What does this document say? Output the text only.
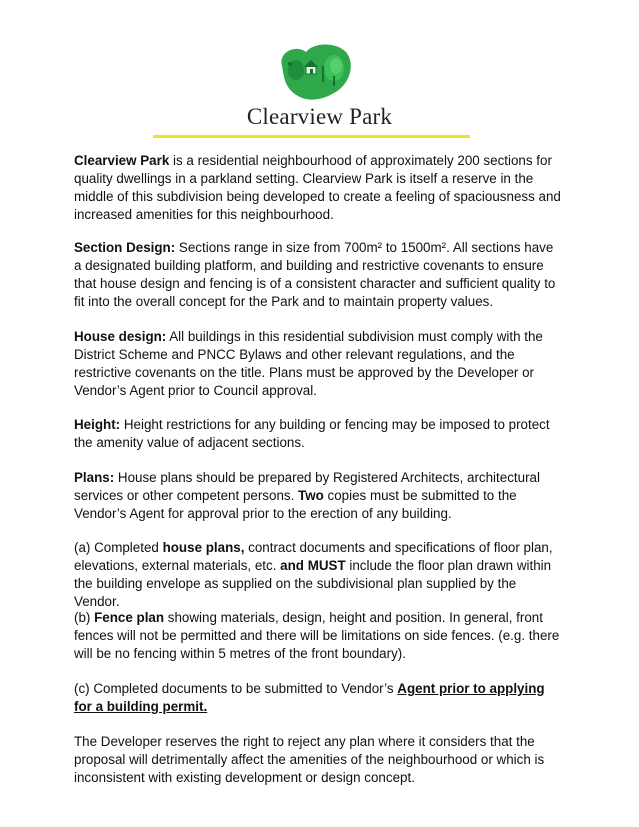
Clearview Park

Clearview Park is a residential neighbourhood of approximately 200 sections for quality dwellings in a parkland setting. Clearview Park is itself a reserve in the middle of this subdivision being developed to create a feeling of spaciousness and increased amenities for this neighbourhood.

Section Design: Sections range in size from 700m² to 1500m². All sections have a designated building platform, and building and restrictive covenants to ensure that house design and fencing is of a consistent character and sufficient quality to fit into the overall concept for the Park and to maintain property values.

House design: All buildings in this residential subdivision must comply with the District Scheme and PNCC Bylaws and other relevant regulations, and the restrictive covenants on the title. Plans must be approved by the Developer or Vendor’s Agent prior to Council approval.

Height: Height restrictions for any building or fencing may be imposed to protect the amenity value of adjacent sections.

Plans: House plans should be prepared by Registered Architects, architectural services or other competent persons. Two copies must be submitted to the Vendor’s Agent for approval prior to the erection of any building.

(a) Completed house plans, contract documents and specifications of floor plan, elevations, external materials, etc. and MUST include the floor plan drawn within the building envelope as supplied on the subdivisional plan supplied by the Vendor.

(b) Fence plan showing materials, design, height and position. In general, front fences will not be permitted and there will be limitations on side fences. (e.g. there will be no fencing within 5 metres of the front boundary).

(c) Completed documents to be submitted to Vendor’s Agent prior to applying for a building permit.

The Developer reserves the right to reject any plan where it considers that the proposal will detrimentally affect the amenities of the neighbourhood or which is inconsistent with existing development or design concept.
